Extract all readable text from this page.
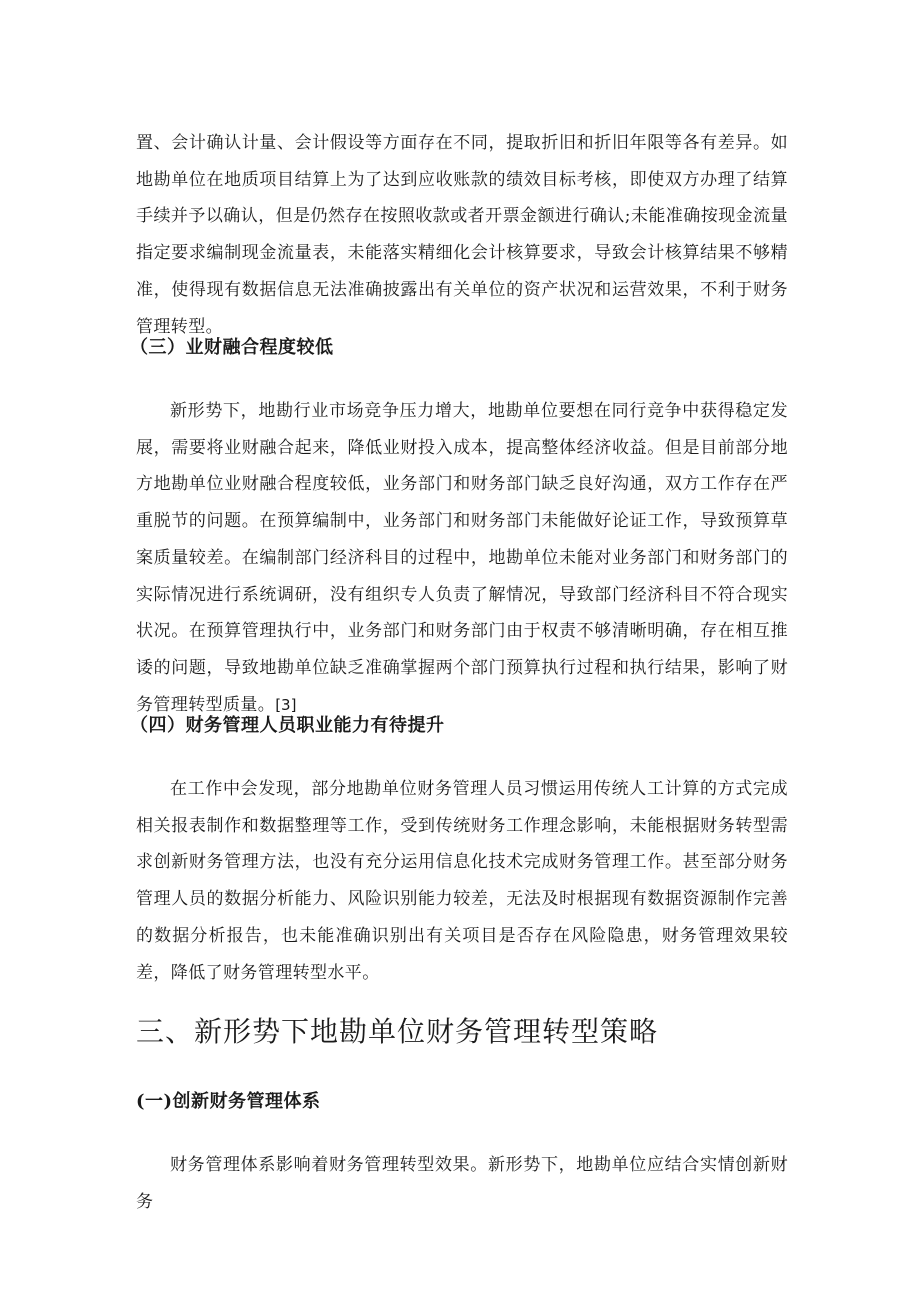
置、会计确认计量、会计假设等方面存在不同，提取折旧和折旧年限等各有差异。如地勘单位在地质项目结算上为了达到应收账款的绩效目标考核，即使双方办理了结算手续并予以确认，但是仍然存在按照收款或者开票金额进行确认;未能准确按现金流量指定要求编制现金流量表，未能落实精细化会计核算要求，导致会计核算结果不够精准，使得现有数据信息无法准确披露出有关单位的资产状况和运营效果，不利于财务管理转型。

（三）业财融合程度较低

新形势下，地勘行业市场竞争压力增大，地勘单位要想在同行竞争中获得稳定发展，需要将业财融合起来，降低业财投入成本，提高整体经济收益。但是目前部分地方地勘单位业财融合程度较低，业务部门和财务部门缺乏良好沟通，双方工作存在严重脱节的问题。在预算编制中，业务部门和财务部门未能做好论证工作，导致预算草案质量较差。在编制部门经济科目的过程中，地勘单位未能对业务部门和财务部门的实际情况进行系统调研，没有组织专人负责了解情况，导致部门经济科目不符合现实状况。在预算管理执行中，业务部门和财务部门由于权责不够清晰明确，存在相互推诿的问题，导致地勘单位缺乏准确掌握两个部门预算执行过程和执行结果，影响了财务管理转型质量。[3]

（四）财务管理人员职业能力有待提升

在工作中会发现，部分地勘单位财务管理人员习惯运用传统人工计算的方式完成相关报表制作和数据整理等工作，受到传统财务工作理念影响，未能根据财务转型需求创新财务管理方法，也没有充分运用信息化技术完成财务管理工作。甚至部分财务管理人员的数据分析能力、风险识别能力较差，无法及时根据现有数据资源制作完善的数据分析报告，也未能准确识别出有关项目是否存在风险隐患，财务管理效果较差，降低了财务管理转型水平。

三、新形势下地勘单位财务管理转型策略
(一)创新财务管理体系

财务管理体系影响着财务管理转型效果。新形势下，地勘单位应结合实情创新财务
